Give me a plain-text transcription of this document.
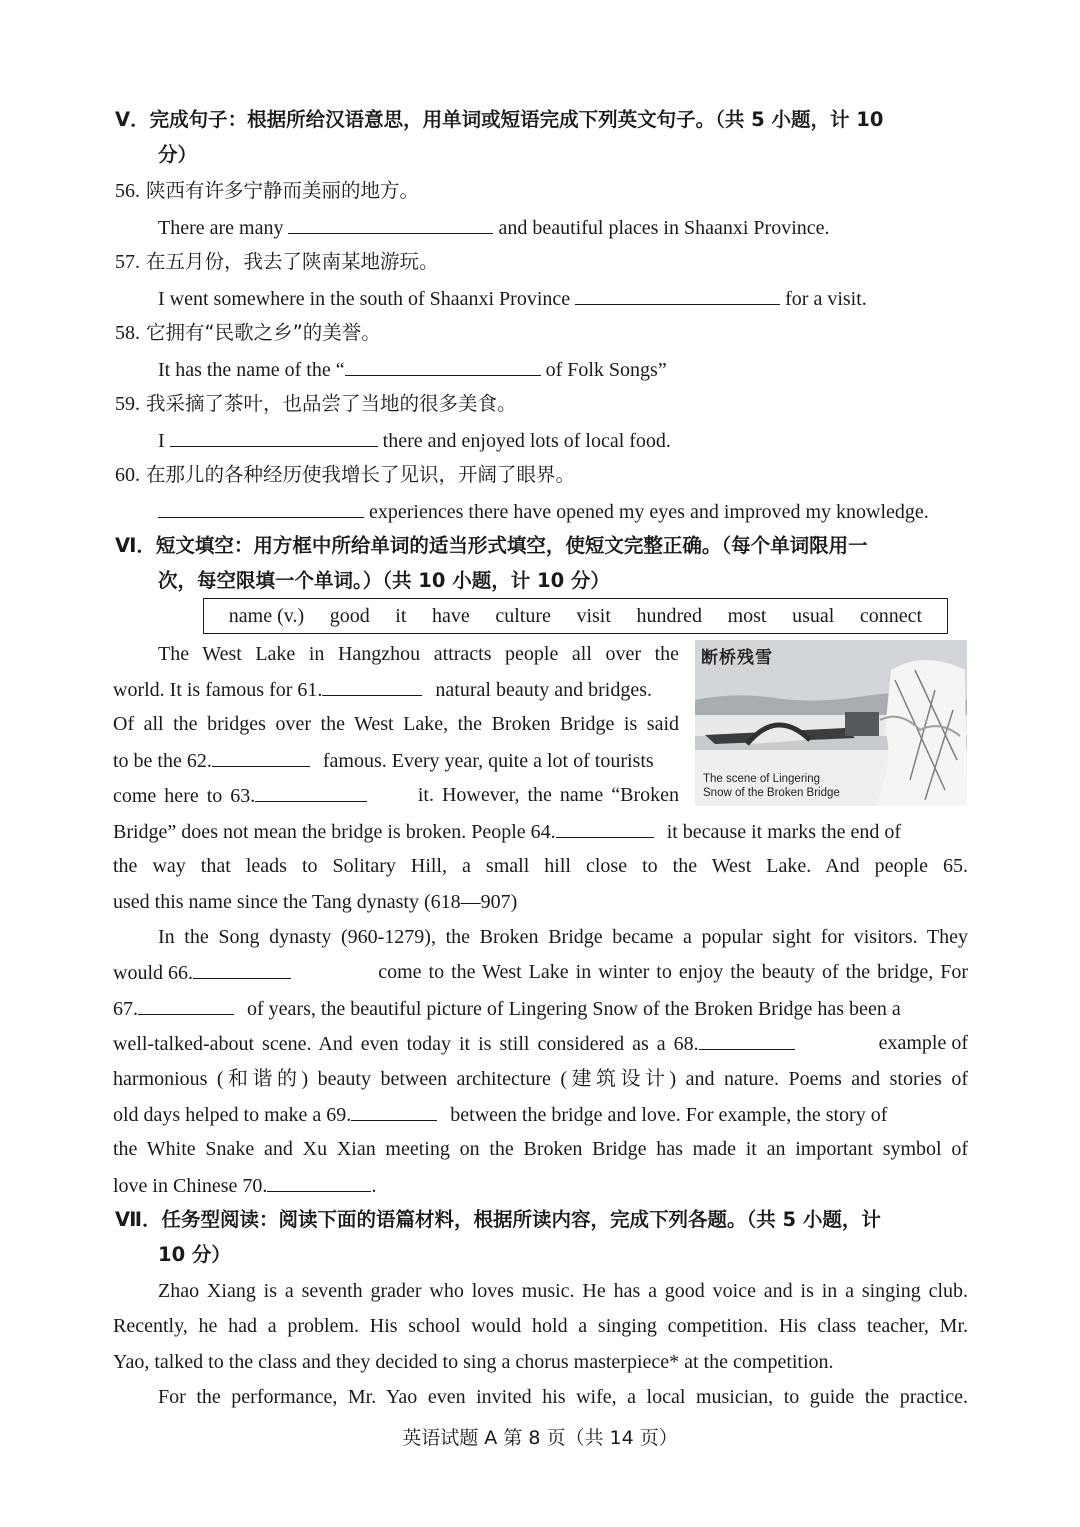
Ⅴ．完成句子：根据所给汉语意思，用单词或短语完成下列英文句子。（共 5 小题，计 10
分）
56. 陕西有许多宁静而美丽的地方。
There are many	and beautiful places in Shaanxi Province.
57. 在五月份，我去了陕南某地游玩。
I went somewhere in the south of Shaanxi Province	for a visit.
58. 它拥有“民歌之乡”的美誉。
It has the name of the “	of Folk Songs”
59. 我采摘了茶叶，也品尝了当地的很多美食。
I	there and enjoyed lots of local food.
60. 在那儿的各种经历使我增长了见识，开阔了眼界。
experiences there have opened my eyes and improved my knowledge.
Ⅵ．短文填空：用方框中所给单词的适当形式填空，使短文完整正确。（每个单词限用一
次，每空限填一个单词。）（共 10 小题，计 10 分）
name (v.) good it have culture visit hundred most usual connect
断桥残雪
The scene of Lingering
Snow of the Broken Bridge
The West Lake in Hangzhou attracts people all over the
world. It is famous for 61.	natural beauty and bridges.
Of all the bridges over the West Lake, the Broken Bridge is said
to be the 62.	famous. Every year, quite a lot of tourists
come here to 63.	it. However, the name “Broken
Bridge” does not mean the bridge is broken. People 64.	it because it marks the end of
the way that leads to Solitary Hill, a small hill close to the West Lake. And people 65.
used this name since the Tang dynasty (618—907)
In the Song dynasty (960-1279), the Broken Bridge became a popular sight for visitors. They
would 66.	come to the West Lake in winter to enjoy the beauty of the bridge, For
67.	of years, the beautiful picture of Lingering Snow of the Broken Bridge has been a
well-talked-about scene. And even today it is still considered as a 68.	example of
harmonious (和谐的) beauty between architecture (建筑设计) and nature. Poems and stories of
old days helped to make a 69.	between the bridge and love. For example, the story of
the White Snake and Xu Xian meeting on the Broken Bridge has made it an important symbol of
love in Chinese 70.	.
Ⅶ．任务型阅读：阅读下面的语篇材料，根据所读内容，完成下列各题。（共 5 小题，计
10 分）
Zhao Xiang is a seventh grader who loves music. He has a good voice and is in a singing club.
Recently, he had a problem. His school would hold a singing competition. His class teacher, Mr.
Yao, talked to the class and they decided to sing a chorus masterpiece* at the competition.
For the performance, Mr. Yao even invited his wife, a local musician, to guide the practice.
英语试题 A 第 8 页（共 14 页）
